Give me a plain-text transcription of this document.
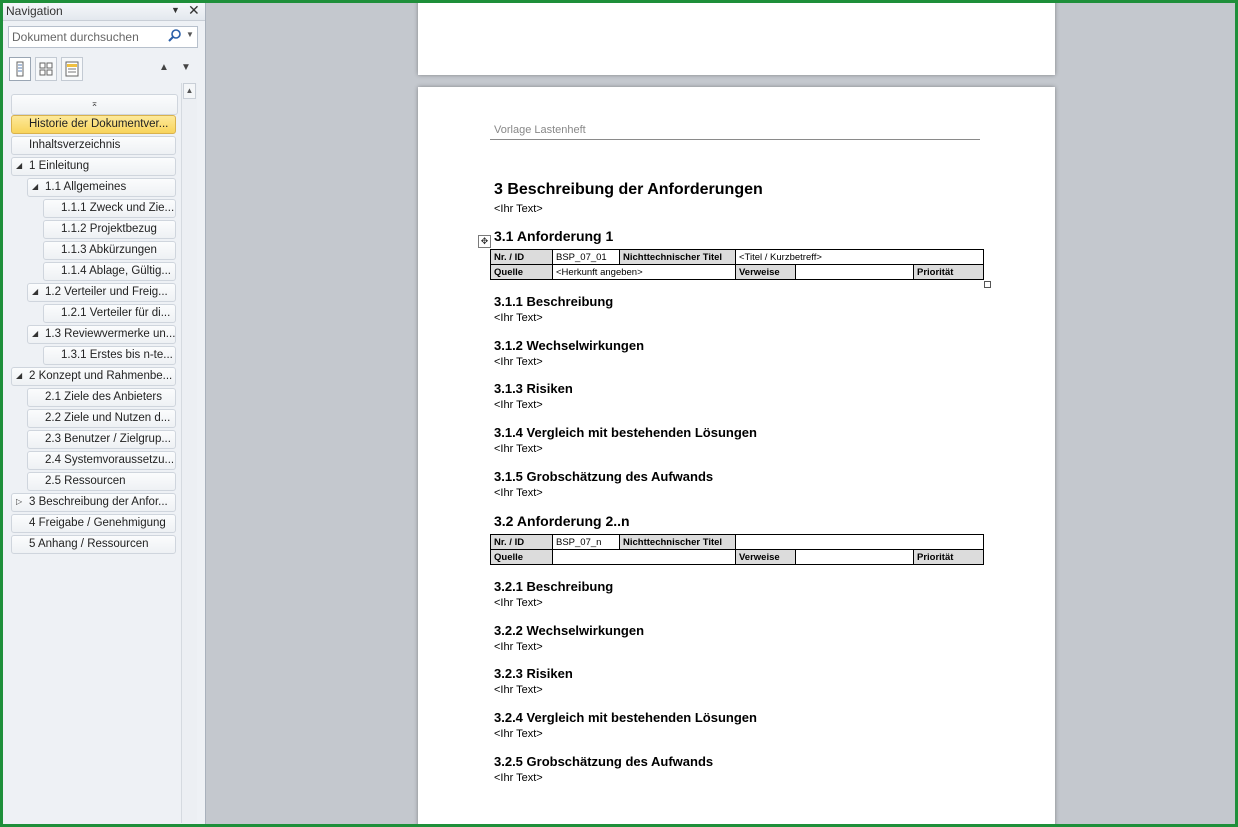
Navigation	▼ ✕
Dokument durchsuchen	▼
▲ ▼
⌅
Historie der Dokumentver...
Inhaltsverzeichnis
◢ 1 Einleitung
◢ 1.1 Allgemeines
1.1.1 Zweck und Zie...
1.1.2 Projektbezug
1.1.3 Abkürzungen
1.1.4 Ablage, Gültig...
◢ 1.2 Verteiler und Freig...
1.2.1 Verteiler für di...
◢ 1.3 Reviewvermerke un...
1.3.1 Erstes bis n-te...
◢ 2 Konzept und Rahmenbe...
2.1 Ziele des Anbieters
2.2 Ziele und Nutzen d...
2.3 Benutzer / Zielgrup...
2.4 Systemvoraussetzu...
2.5 Ressourcen
▷ 3 Beschreibung der Anfor...
4 Freigabe / Genehmigung
5 Anhang / Ressourcen
▲
Vorlage Lastenheft
3 Beschreibung der Anforderungen
<Ihr Text>
3.1 Anforderung 1
✥
Nr. / ID	BSP_07_01	Nichttechnischer Titel	<Titel / Kurzbetreff>		
Quelle	<Herkunft angeben>		Verweise		Priorität
3.1.1 Beschreibung
<Ihr Text>
3.1.2 Wechselwirkungen
<Ihr Text>
3.1.3 Risiken
<Ihr Text>
3.1.4 Vergleich mit bestehenden Lösungen
<Ihr Text>
3.1.5 Grobschätzung des Aufwands
<Ihr Text>
3.2 Anforderung 2..n
Nr. / ID	BSP_07_n	Nichttechnischer Titel			
Quelle			Verweise		Priorität
3.2.1 Beschreibung
<Ihr Text>
3.2.2 Wechselwirkungen
<Ihr Text>
3.2.3 Risiken
<Ihr Text>
3.2.4 Vergleich mit bestehenden Lösungen
<Ihr Text>
3.2.5 Grobschätzung des Aufwands
<Ihr Text>
